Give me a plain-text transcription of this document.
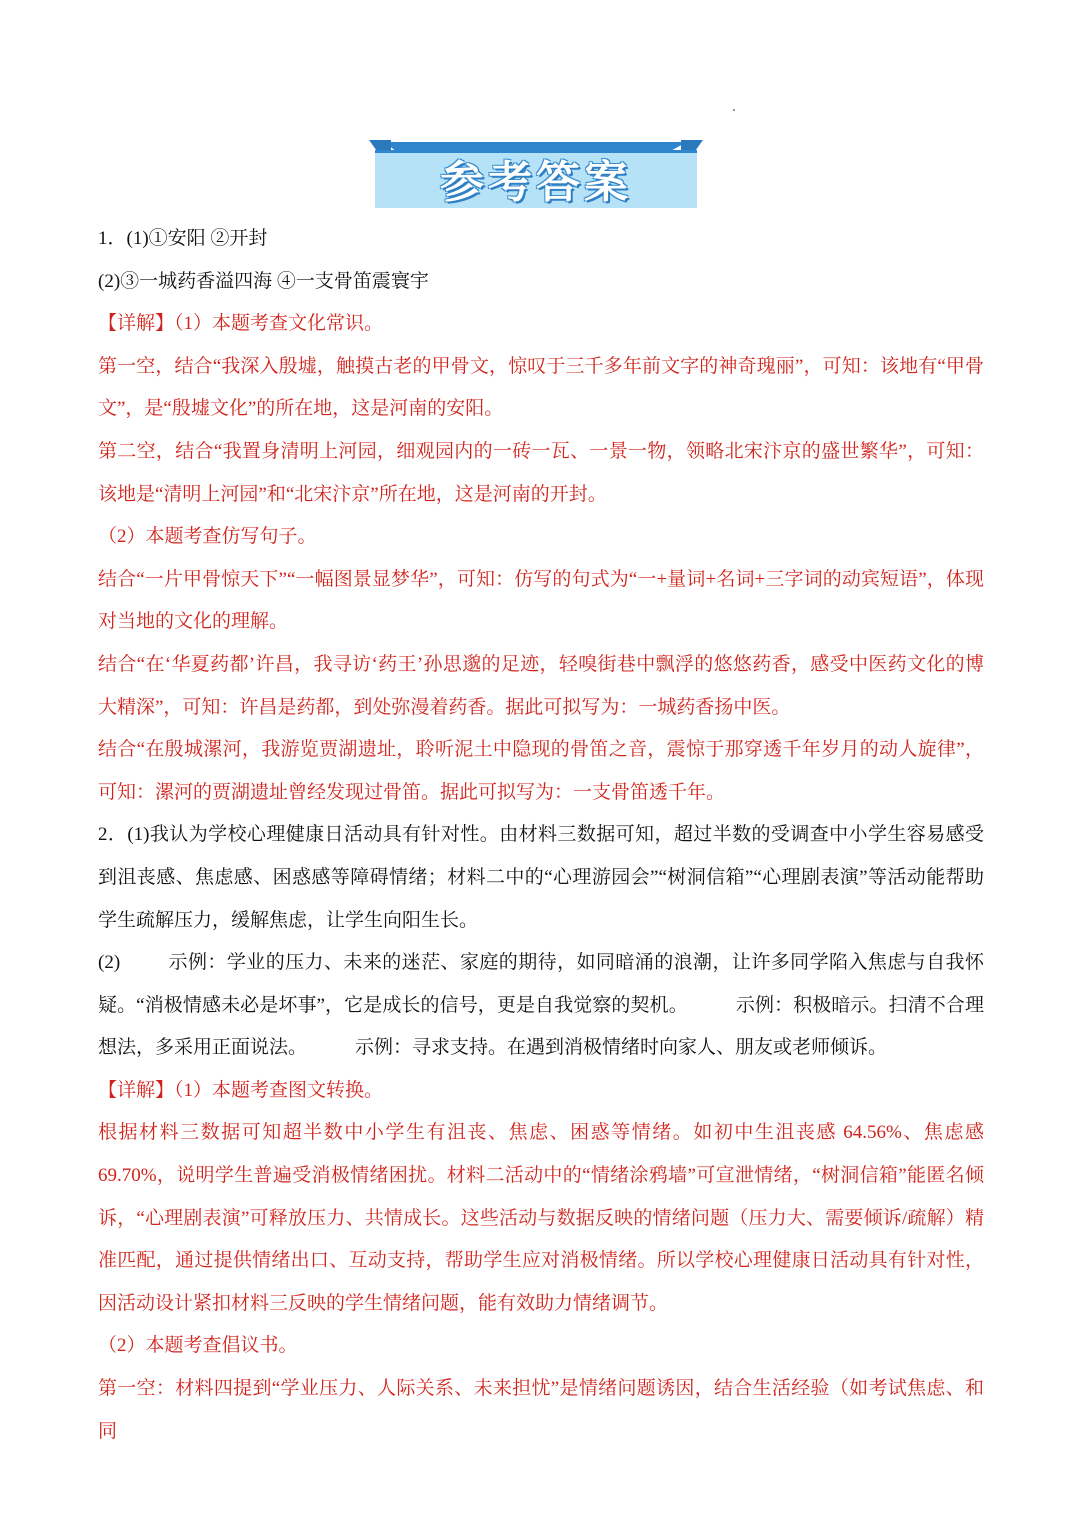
参考答案

1．(1)①安阳 ②开封

(2)③一城药香溢四海 ④一支骨笛震寰宇

【详解】（1）本题考查文化常识。

第一空，结合“我深入殷墟，触摸古老的甲骨文，惊叹于三千多年前文字的神奇瑰丽”，可知：该地有“甲骨文”，是“殷墟文化”的所在地，这是河南的安阳。

第二空，结合“我置身清明上河园，细观园内的一砖一瓦、一景一物，领略北宋汴京的盛世繁华”，可知：该地是“清明上河园”和“北宋汴京”所在地，这是河南的开封。

（2）本题考查仿写句子。

结合“一片甲骨惊天下”“一幅图景显梦华”，可知：仿写的句式为“一+量词+名词+三字词的动宾短语”，体现对当地的文化的理解。

结合“在‘华夏药都’许昌，我寻访‘药王’孙思邈的足迹，轻嗅街巷中飘浮的悠悠药香，感受中医药文化的博大精深”，可知：许昌是药都，到处弥漫着药香。据此可拟写为：一城药香扬中医。

结合“在殷城漯河，我游览贾湖遗址，聆听泥土中隐现的骨笛之音，震惊于那穿透千年岁月的动人旋律”，可知：漯河的贾湖遗址曾经发现过骨笛。据此可拟写为：一支骨笛透千年。

2．(1)我认为学校心理健康日活动具有针对性。由材料三数据可知，超过半数的受调查中小学生容易感受到沮丧感、焦虑感、困惑感等障碍情绪；材料二中的“心理游园会”“树洞信箱”“心理剧表演”等活动能帮助学生疏解压力，缓解焦虑，让学生向阳生长。

(2)	示例：学业的压力、未来的迷茫、家庭的期待，如同暗涌的浪潮，让许多同学陷入焦虑与自我怀疑。“消极情感未必是坏事”，它是成长的信号，更是自我觉察的契机。	示例：积极暗示。扫清不合理想法，多采用正面说法。	示例：寻求支持。在遇到消极情绪时向家人、朋友或老师倾诉。

【详解】（1）本题考查图文转换。

根据材料三数据可知超半数中小学生有沮丧、焦虑、困惑等情绪。如初中生沮丧感 64.56%、焦虑感 69.70%，说明学生普遍受消极情绪困扰。材料二活动中的“情绪涂鸦墙”可宣泄情绪，“树洞信箱”能匿名倾诉，“心理剧表演”可释放压力、共情成长。这些活动与数据反映的情绪问题（压力大、需要倾诉/疏解）精准匹配，通过提供情绪出口、互动支持，帮助学生应对消极情绪。所以学校心理健康日活动具有针对性，因活动设计紧扣材料三反映的学生情绪问题，能有效助力情绪调节。

（2）本题考查倡议书。

第一空：材料四提到“学业压力、人际关系、未来担忧”是情绪问题诱因，结合生活经验（如考试焦虑、和同
